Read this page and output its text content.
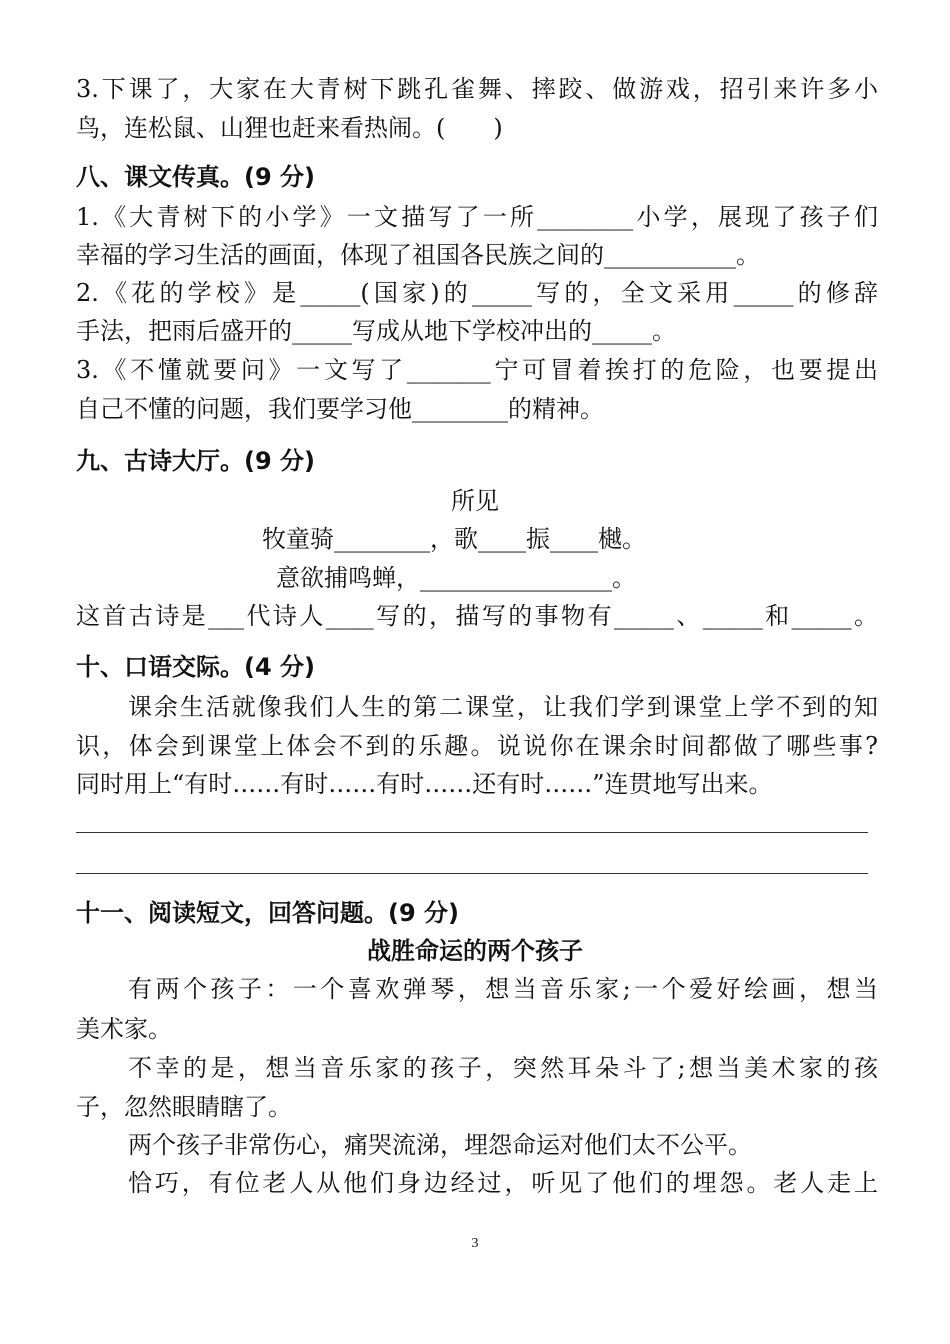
3.下课了，大家在大青树下跳孔雀舞、摔跤、做游戏，招引来许多小
鸟，连松鼠、山狸也赶来看热闹。(　　)
八、课文传真。(9 分)
1.《大青树下的小学》一文描写了一所________小学，展现了孩子们
幸福的学习生活的画面，体现了祖国各民族之间的___________。
2.《花的学校》是_____(国家)的_____写的，全文采用_____的修辞
手法，把雨后盛开的_____写成从地下学校冲出的_____。
3.《不懂就要问》一文写了_______宁可冒着挨打的危险，也要提出
自己不懂的问题，我们要学习他________的精神。
九、古诗大厅。(9 分)
所见
牧童骑________，歌____振____樾。
意欲捕鸣蝉，________________。
这首古诗是___代诗人____写的，描写的事物有_____、_____和_____。
十、口语交际。(4 分)
课余生活就像我们人生的第二课堂，让我们学到课堂上学不到的知
识，体会到课堂上体会不到的乐趣。说说你在课余时间都做了哪些事?
同时用上“有时……有时……有时……还有时……”连贯地写出来。
十一、阅读短文，回答问题。(9 分)
战胜命运的两个孩子
有两个孩子：一个喜欢弹琴，想当音乐家;一个爱好绘画，想当
美术家。
不幸的是，想当音乐家的孩子，突然耳朵斗了;想当美术家的孩
子，忽然眼睛瞎了。
两个孩子非常伤心，痛哭流涕，埋怨命运对他们太不公平。
恰巧，有位老人从他们身边经过，听见了他们的埋怨。老人走上
3
